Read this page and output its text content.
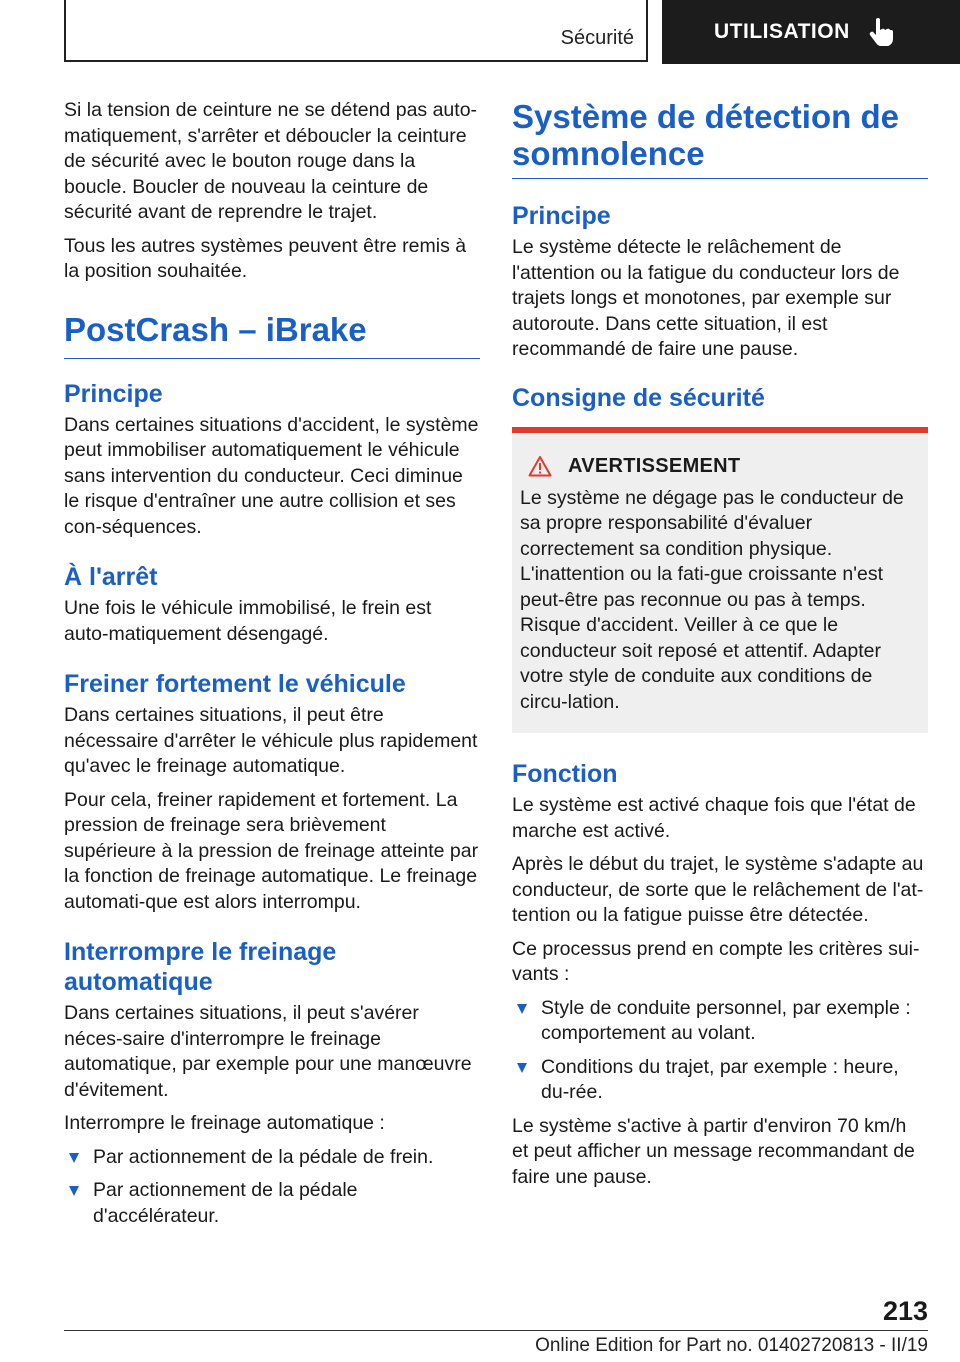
Sécurité	UTILISATION

Si la tension de ceinture ne se détend pas auto‐matiquement, s'arrêter et déboucler la ceinture de sécurité avec le bouton rouge dans la boucle. Boucler de nouveau la ceinture de sécurité avant de reprendre le trajet.

Tous les autres systèmes peuvent être remis à la position souhaitée.

PostCrash – iBrake
Principe

Dans certaines situations d'accident, le système peut immobiliser automatiquement le véhicule sans intervention du conducteur. Ceci diminue le risque d'entraîner une autre collision et ses con‐séquences.

À l'arrêt

Une fois le véhicule immobilisé, le frein est auto‐matiquement désengagé.

Freiner fortement le véhicule

Dans certaines situations, il peut être nécessaire d'arrêter le véhicule plus rapidement qu'avec le freinage automatique.

Pour cela, freiner rapidement et fortement. La pression de freinage sera brièvement supérieure à la pression de freinage atteinte par la fonction de freinage automatique. Le freinage automati‐que est alors interrompu.

Interrompre le freinage automatique

Dans certaines situations, il peut s'avérer néces‐saire d'interrompre le freinage automatique, par exemple pour une manœuvre d'évitement.

Interrompre le freinage automatique :

Par actionnement de la pédale de frein.
Par actionnement de la pédale d'accélérateur.
Système de détection de somnolence
Principe

Le système détecte le relâchement de l'attention ou la fatigue du conducteur lors de trajets longs et monotones, par exemple sur autoroute. Dans cette situation, il est recommandé de faire une pause.

Consigne de sécurité
AVERTISSEMENT

Le système ne dégage pas le conducteur de sa propre responsabilité d'évaluer correctement sa condition physique. L'inattention ou la fati‐gue croissante n'est peut-être pas reconnue ou pas à temps. Risque d'accident. Veiller à ce que le conducteur soit reposé et attentif. Adapter votre style de conduite aux conditions de circu‐lation.

Fonction

Le système est activé chaque fois que l'état de marche est activé.

Après le début du trajet, le système s'adapte au conducteur, de sorte que le relâchement de l'at‐tention ou la fatigue puisse être détectée.

Ce processus prend en compte les critères sui‐vants :

Style de conduite personnel, par exemple : comportement au volant.
Conditions du trajet, par exemple : heure, du‐rée.

Le système s'active à partir d'environ 70 km/h et peut afficher un message recommandant de faire une pause.

213
Online Edition for Part no. 01402720813 - II/19
